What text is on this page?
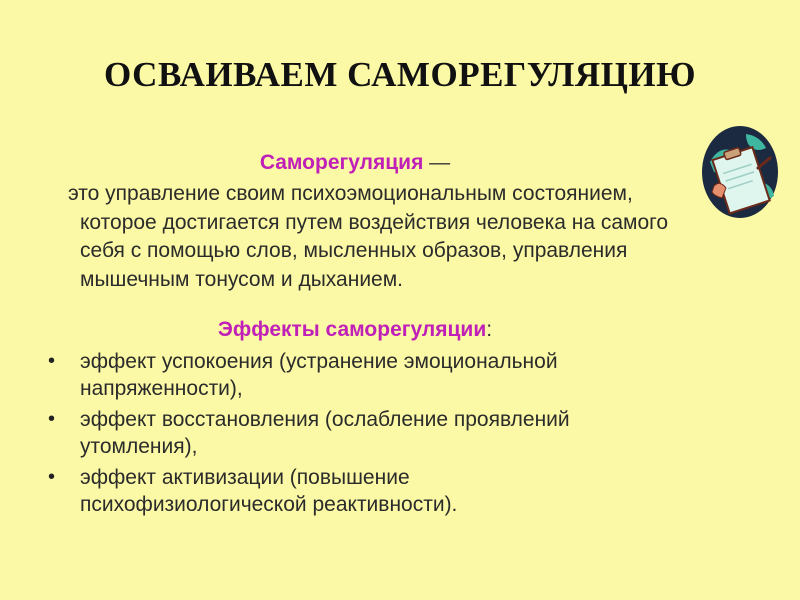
ОСВАИВАЕМ САМОРЕГУЛЯЦИЮ
Саморегуляция —

это управление своим психоэмоциональным состоянием, которое достигается путем воздействия человека на самого себя с помощью слов, мысленных образов, управления мышечным тонусом и дыханием.

Эффекты саморегуляции:
• эффект успокоения (устранение эмоциональной напряженности),
• эффект восстановления (ослабление проявлений утомления),
• эффект активизации (повышение психофизиологической реактивности).
